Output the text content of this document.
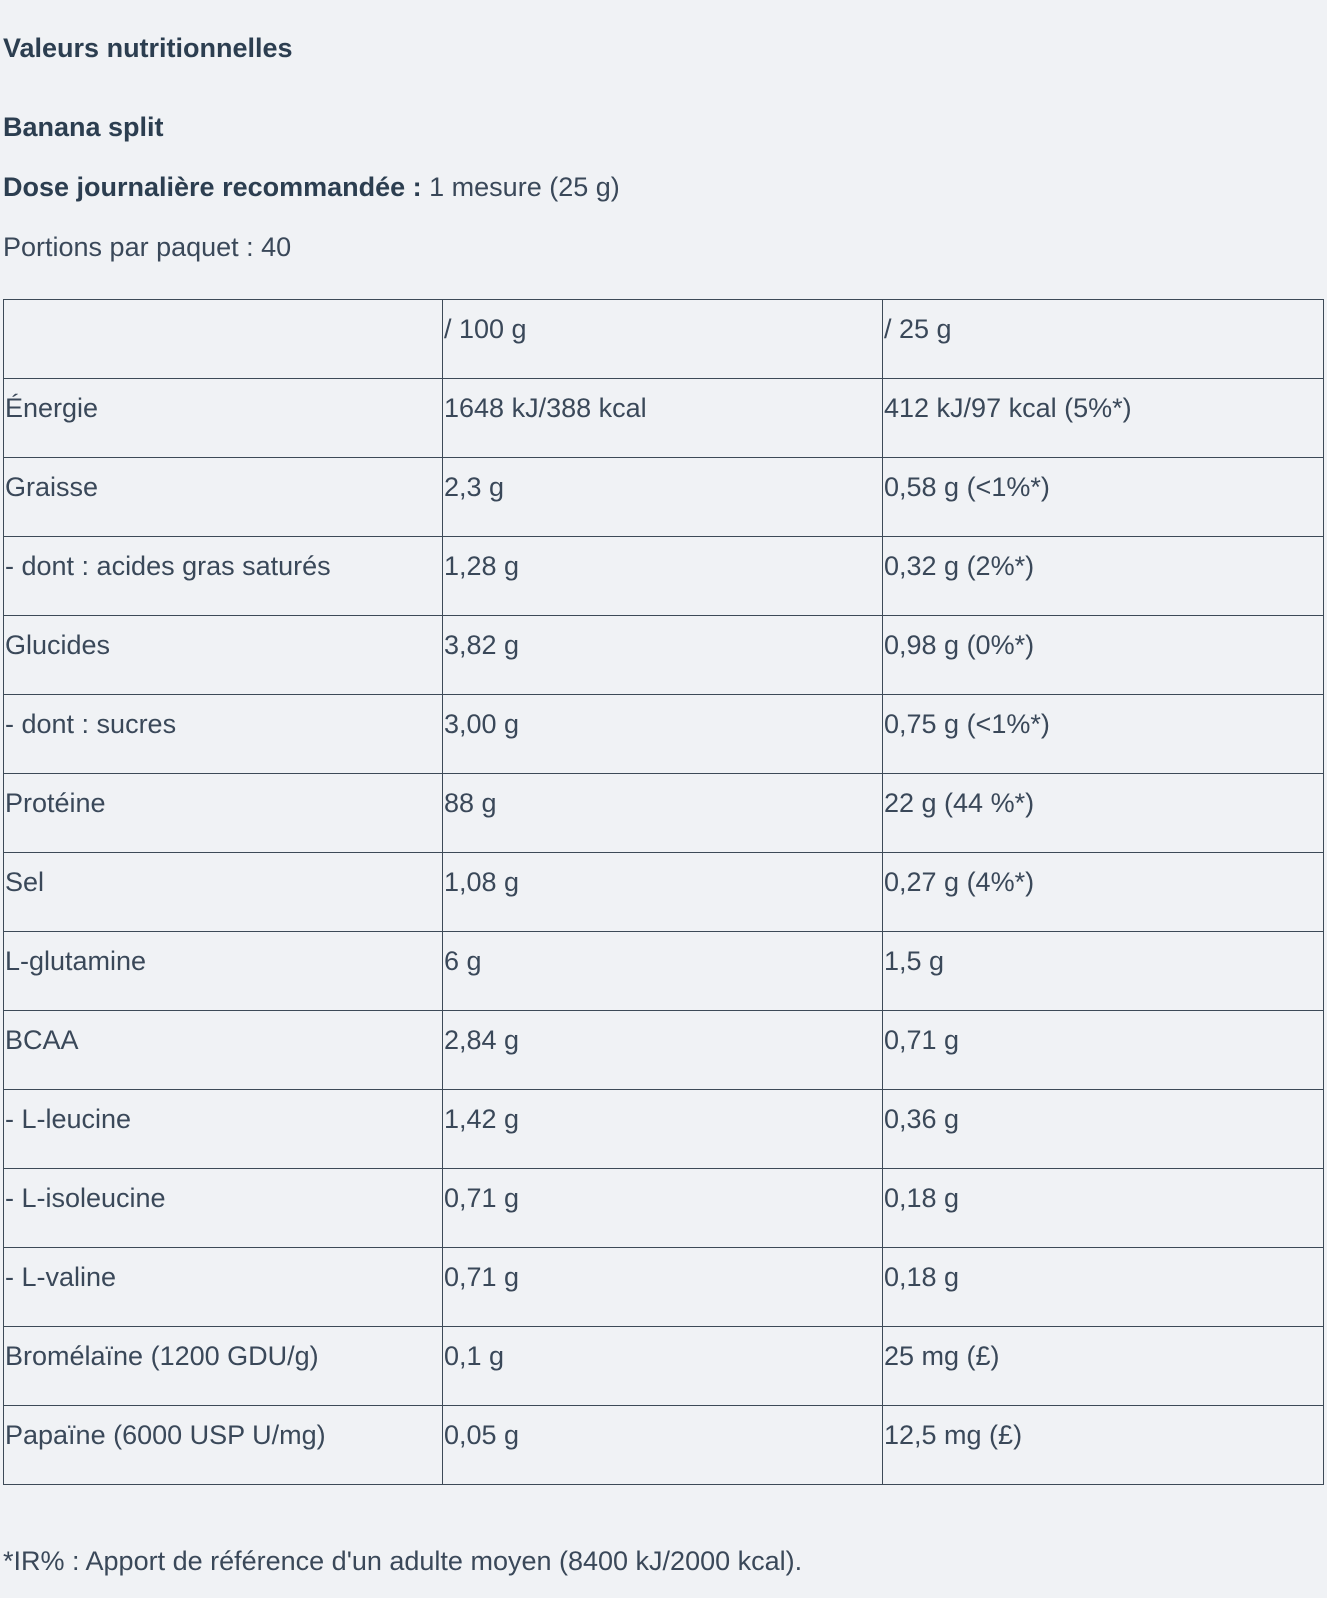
Valeurs nutritionnelles
Banana split
Dose journalière recommandée : 1 mesure (25 g)
Portions par paquet : 40

	/ 100 g	/ 25 g

Énergie	1648 kJ/388 kcal	412 kJ/97 kcal (5%*)

Graisse	2,3 g	0,58 g (<1%*)

- dont : acides gras saturés	1,28 g	0,32 g (2%*)

Glucides	3,82 g	0,98 g (0%*)

- dont : sucres	3,00 g	0,75 g (<1%*)

Protéine	88 g	22 g (44 %*)

Sel	1,08 g	0,27 g (4%*)

L-glutamine	6 g	1,5 g

BCAA	2,84 g	0,71 g

- L-leucine	1,42 g	0,36 g

- L-isoleucine	0,71 g	0,18 g

- L-valine	0,71 g	0,18 g

Bromélaïne (1200 GDU/g)	0,1 g	25 mg (£)

Papaïne (6000 USP U/mg)	0,05 g	12,5 mg (£)
*IR% : Apport de référence d'un adulte moyen (8400 kJ/2000 kcal).
